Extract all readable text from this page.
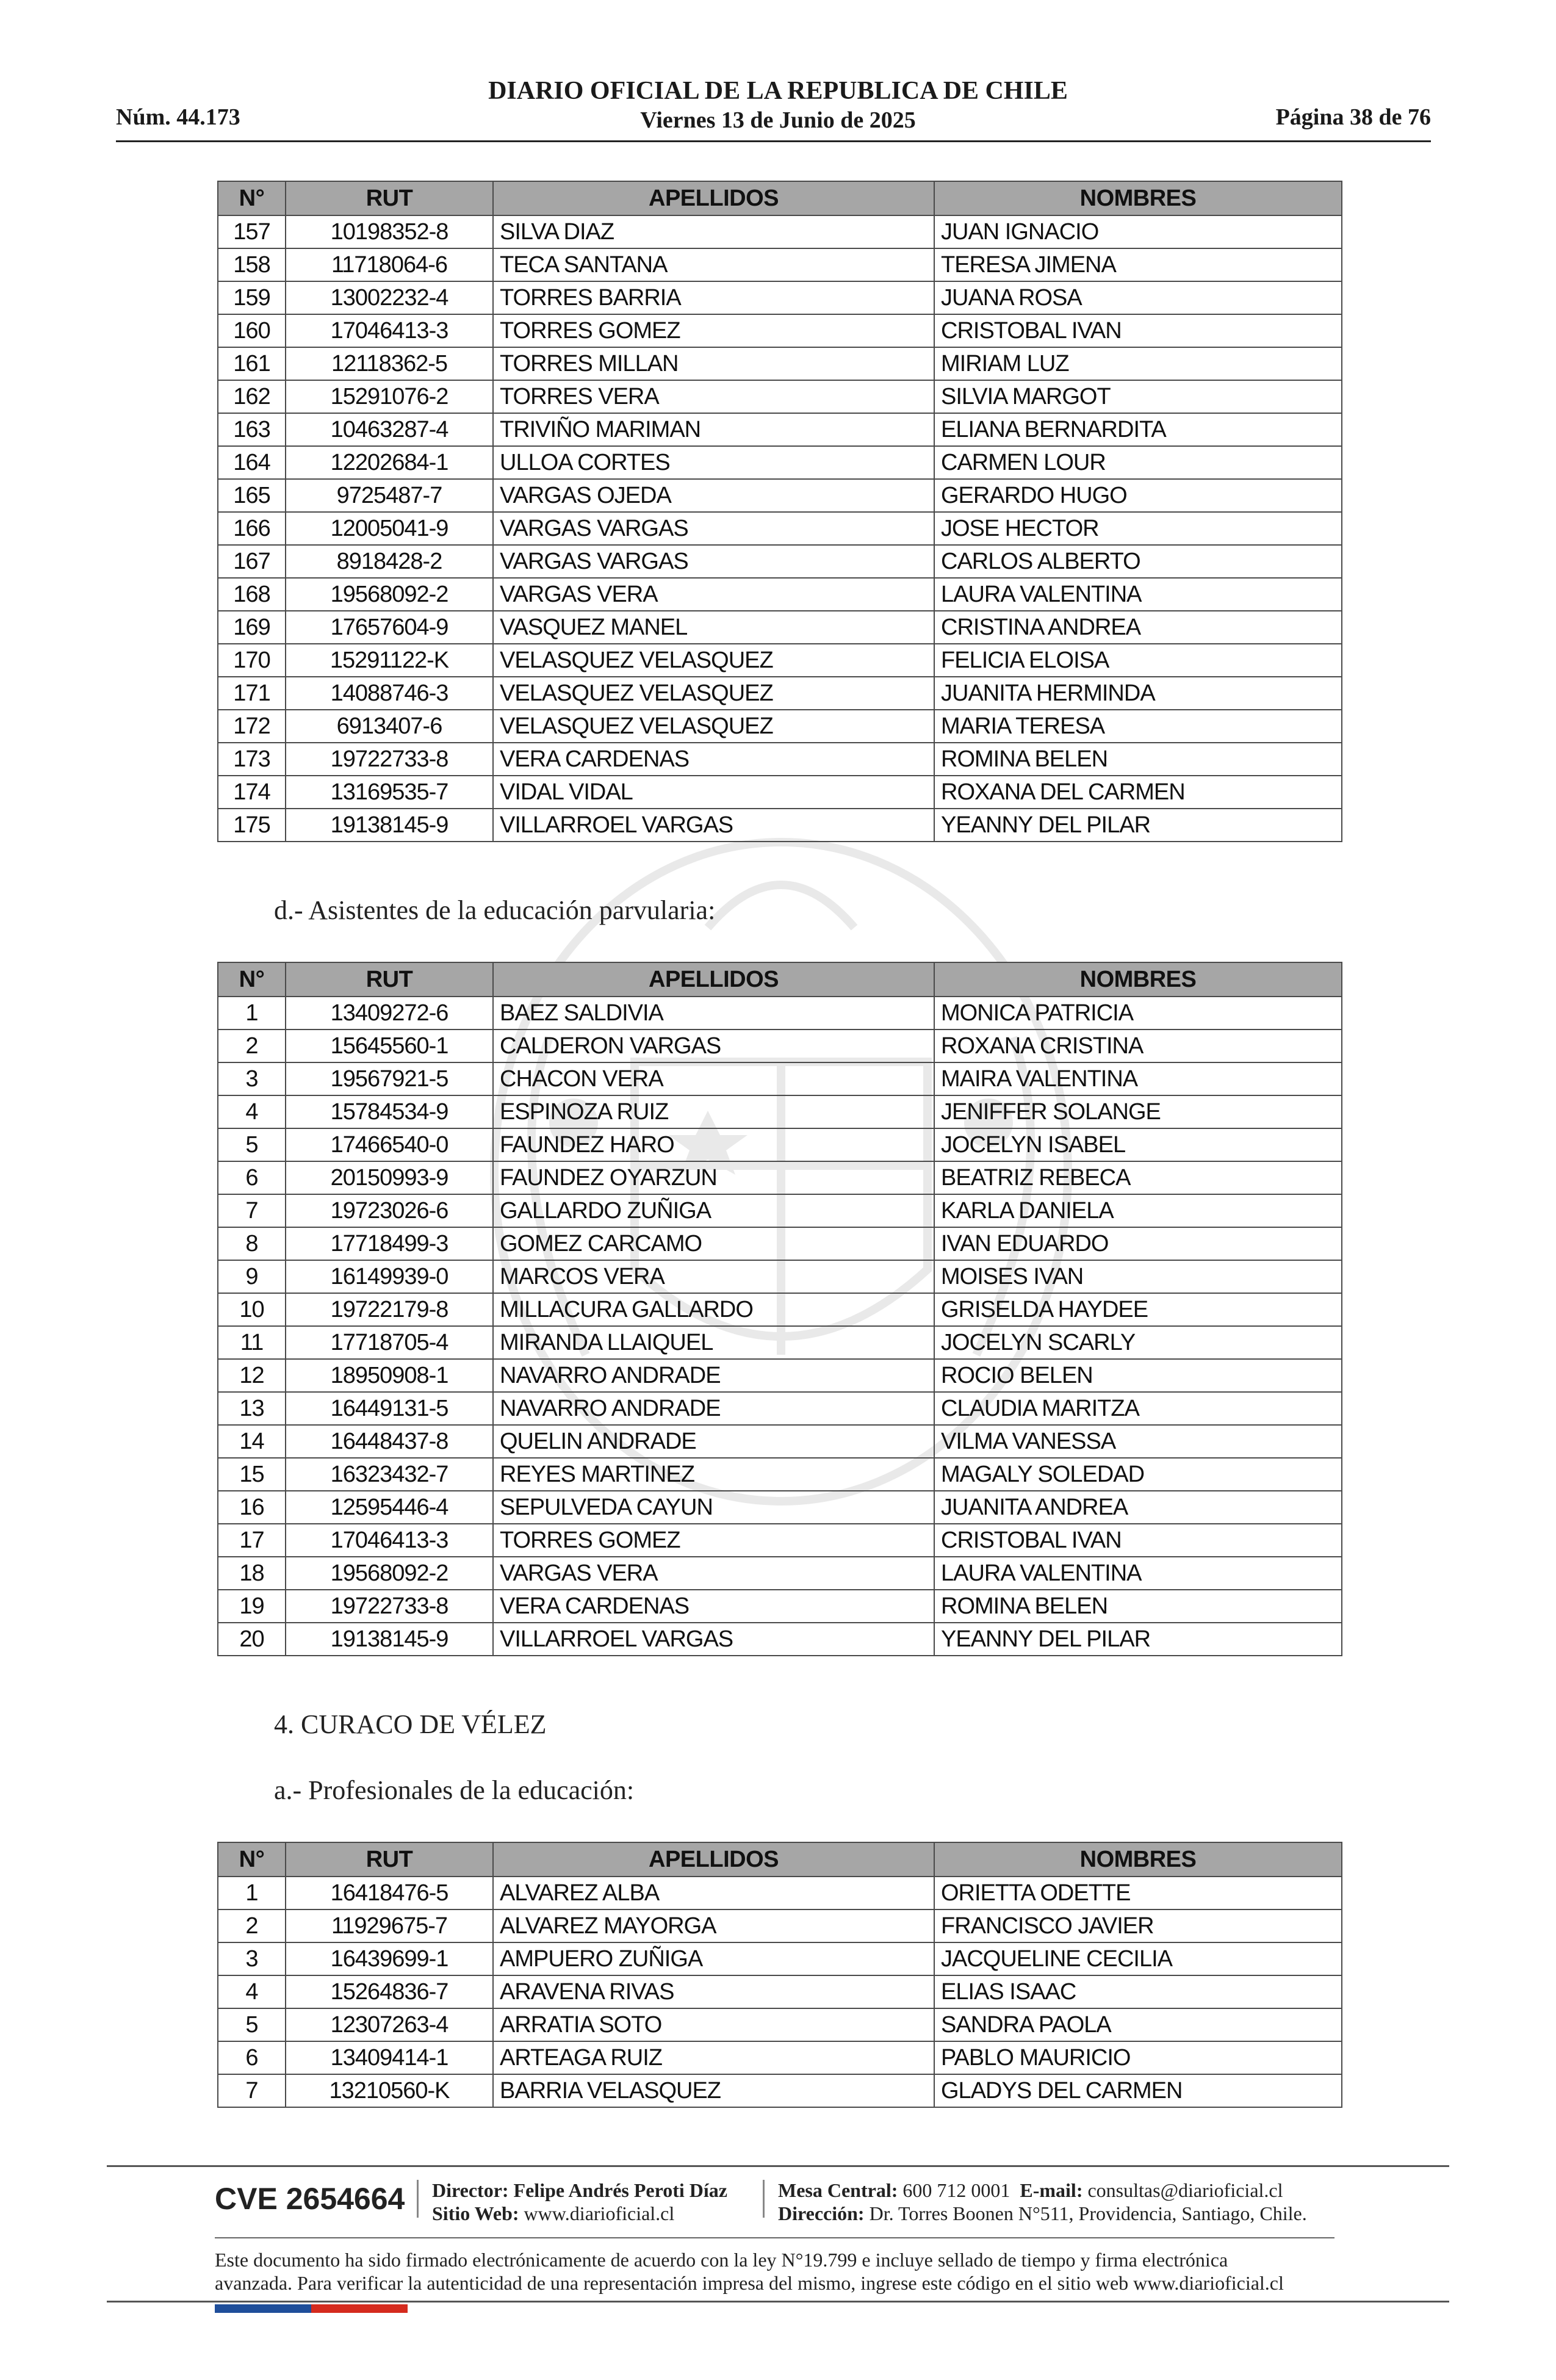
Núm. 44.173
DIARIO OFICIAL DE LA REPUBLICA DE CHILE
Viernes 13 de Junio de 2025	Página 38 de 76
N°	RUT	APELLIDOS	NOMBRES
157	10198352-8	SILVA DIAZ	JUAN IGNACIO
158	11718064-6	TECA SANTANA	TERESA JIMENA
159	13002232-4	TORRES BARRIA	JUANA ROSA
160	17046413-3	TORRES GOMEZ	CRISTOBAL IVAN
161	12118362-5	TORRES MILLAN	MIRIAM LUZ
162	15291076-2	TORRES VERA	SILVIA MARGOT
163	10463287-4	TRIVIÑO MARIMAN	ELIANA BERNARDITA
164	12202684-1	ULLOA CORTES	CARMEN LOUR
165	9725487-7	VARGAS OJEDA	GERARDO HUGO
166	12005041-9	VARGAS VARGAS	JOSE HECTOR
167	8918428-2	VARGAS VARGAS	CARLOS ALBERTO
168	19568092-2	VARGAS VERA	LAURA VALENTINA
169	17657604-9	VASQUEZ MANEL	CRISTINA ANDREA
170	15291122-K	VELASQUEZ VELASQUEZ	FELICIA ELOISA
171	14088746-3	VELASQUEZ VELASQUEZ	JUANITA HERMINDA
172	6913407-6	VELASQUEZ VELASQUEZ	MARIA TERESA
173	19722733-8	VERA CARDENAS	ROMINA BELEN
174	13169535-7	VIDAL VIDAL	ROXANA DEL CARMEN
175	19138145-9	VILLARROEL VARGAS	YEANNY DEL PILAR
d.- Asistentes de la educación parvularia:
N°	RUT	APELLIDOS	NOMBRES
1	13409272-6	BAEZ SALDIVIA	MONICA PATRICIA
2	15645560-1	CALDERON VARGAS	ROXANA CRISTINA
3	19567921-5	CHACON VERA	MAIRA VALENTINA
4	15784534-9	ESPINOZA RUIZ	JENIFFER SOLANGE
5	17466540-0	FAUNDEZ HARO	JOCELYN ISABEL
6	20150993-9	FAUNDEZ OYARZUN	BEATRIZ REBECA
7	19723026-6	GALLARDO ZUÑIGA	KARLA DANIELA
8	17718499-3	GOMEZ CARCAMO	IVAN EDUARDO
9	16149939-0	MARCOS VERA	MOISES IVAN
10	19722179-8	MILLACURA GALLARDO	GRISELDA HAYDEE
11	17718705-4	MIRANDA LLAIQUEL	JOCELYN SCARLY
12	18950908-1	NAVARRO ANDRADE	ROCIO BELEN
13	16449131-5	NAVARRO ANDRADE	CLAUDIA MARITZA
14	16448437-8	QUELIN ANDRADE	VILMA VANESSA
15	16323432-7	REYES MARTINEZ	MAGALY SOLEDAD
16	12595446-4	SEPULVEDA CAYUN	JUANITA ANDREA
17	17046413-3	TORRES GOMEZ	CRISTOBAL IVAN
18	19568092-2	VARGAS VERA	LAURA VALENTINA
19	19722733-8	VERA CARDENAS	ROMINA BELEN
20	19138145-9	VILLARROEL VARGAS	YEANNY DEL PILAR
4. CURACO DE VÉLEZ
a.- Profesionales de la educación:
N°	RUT	APELLIDOS	NOMBRES
1	16418476-5	ALVAREZ ALBA	ORIETTA ODETTE
2	11929675-7	ALVAREZ MAYORGA	FRANCISCO JAVIER
3	16439699-1	AMPUERO ZUÑIGA	JACQUELINE CECILIA
4	15264836-7	ARAVENA RIVAS	ELIAS ISAAC
5	12307263-4	ARRATIA SOTO	SANDRA PAOLA
6	13409414-1	ARTEAGA RUIZ	PABLO MAURICIO
7	13210560-K	BARRIA VELASQUEZ	GLADYS DEL CARMEN
CVE 2654664 Director: Felipe Andrés Peroti Díaz
Sitio Web: www.diarioficial.cl
Mesa Central: 600 712 0001 E-mail: consultas@diarioficial.cl
Dirección: Dr. Torres Boonen N°511, Providencia, Santiago, Chile.
Este documento ha sido firmado electrónicamente de acuerdo con la ley N°19.799 e incluye sellado de tiempo y firma electrónica
avanzada. Para verificar la autenticidad de una representación impresa del mismo, ingrese este código en el sitio web www.diarioficial.cl
